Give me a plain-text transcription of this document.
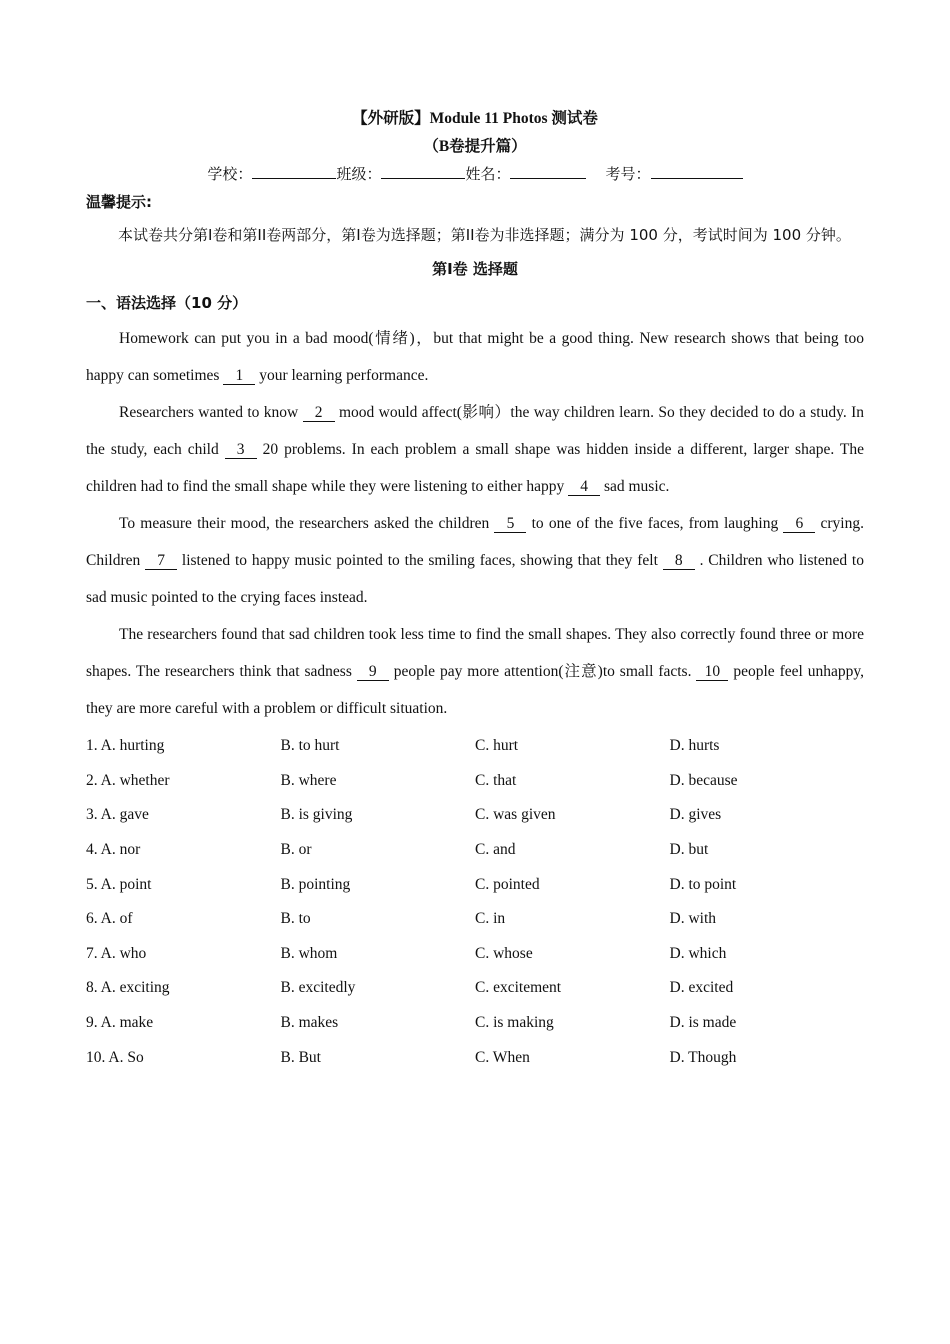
【外研版】Module 11 Photos 测试卷
（B卷提升篇）
学校：	班级：	姓名：	考号：
温馨提示:
本试卷共分第I卷和第II卷两部分，第I卷为选择题；第II卷为非选择题；满分为 100 分，考试时间为 100 分钟。
第I卷 选择题
一、语法选择（10 分）

Homework can put you in a bad mood(情绪)，but that might be a good thing. New research shows that being too happy can sometimes 1 your learning performance.

Researchers wanted to know 2 mood would affect(影响）the way children learn. So they decided to do a study. In the study, each child 3 20 problems. In each problem a small shape was hidden inside a different, larger shape. The children had to find the small shape while they were listening to either happy 4 sad music.

To measure their mood, the researchers asked the children 5 to one of the five faces, from laughing 6 crying. Children 7 listened to happy music pointed to the smiling faces, showing that they felt 8 . Children who listened to sad music pointed to the crying faces instead.

The researchers found that sad children took less time to find the small shapes. They also correctly found three or more shapes. The researchers think that sadness 9 people pay more attention(注意)to small facts. 10 people feel unhappy, they are more careful with a problem or difficult situation.

1. A. hurting	B. to hurt	C. hurt	D. hurts
2. A. whether	B. where	C. that	D. because
3. A. gave	B. is giving	C. was given	D. gives
4. A. nor	B. or	C. and	D. but
5. A. point	B. pointing	C. pointed	D. to point
6. A. of	B. to	C. in	D. with
7. A. who	B. whom	C. whose	D. which
8. A. exciting	B. excitedly	C. excitement	D. excited
9. A. make	B. makes	C. is making	D. is made
10. A. So	B. But	C. When	D. Though
